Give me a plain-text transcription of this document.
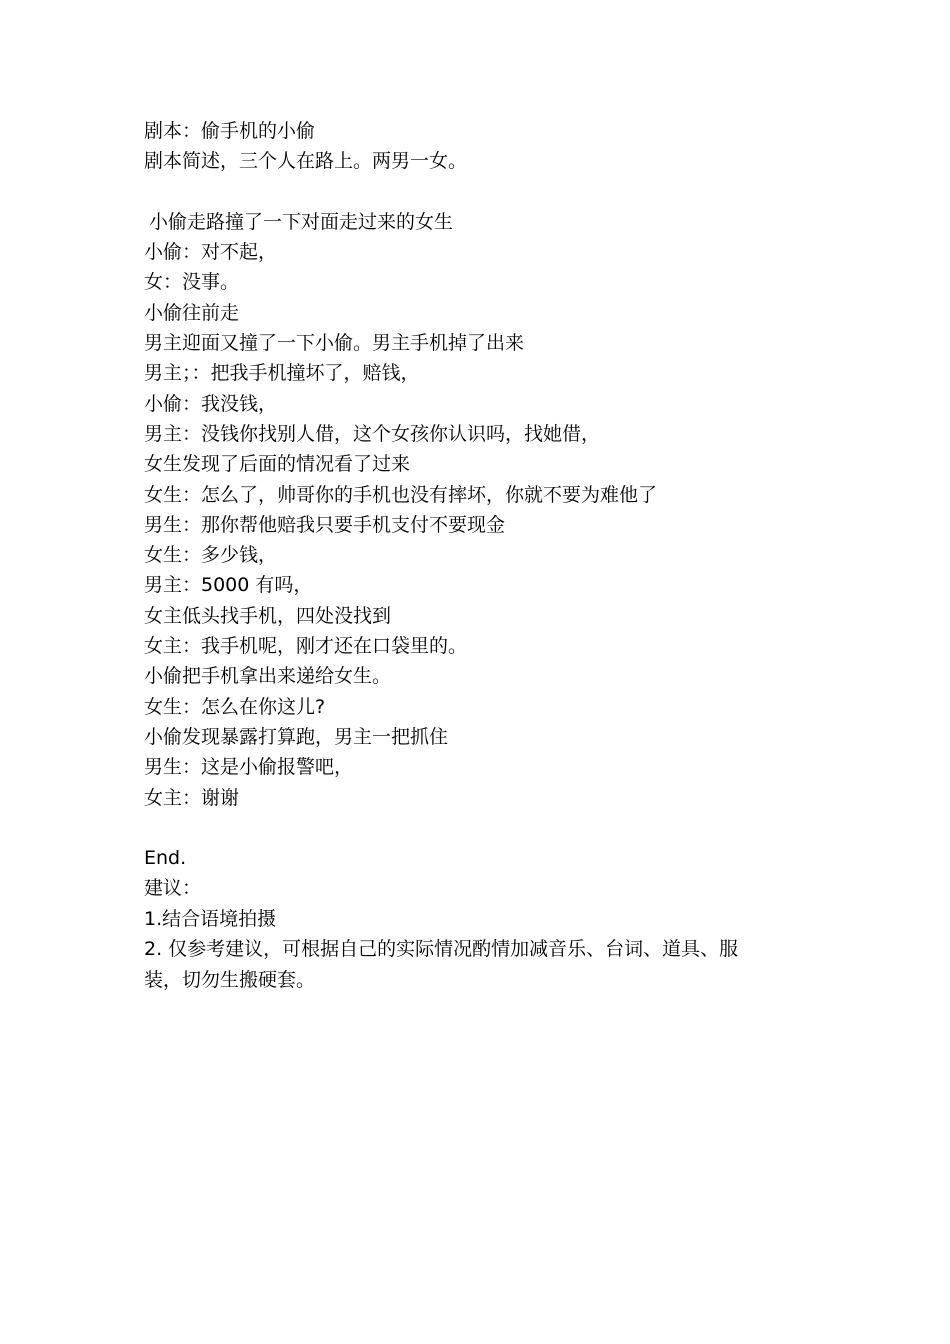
剧本：偷手机的小偷
剧本简述，三个人在路上。两男一女。
小偷走路撞了一下对面走过来的女生
小偷：对不起，
女：没事。
小偷往前走
男主迎面又撞了一下小偷。男主手机掉了出来
男主；：把我手机撞坏了，赔钱，
小偷：我没钱，
男主：没钱你找别人借，这个女孩你认识吗，找她借，
女生发现了后面的情况看了过来
女生：怎么了，帅哥你的手机也没有摔坏，你就不要为难他了
男生：那你帮他赔我只要手机支付不要现金
女生：多少钱，
男主：5000 有吗，
女主低头找手机，四处没找到
女主：我手机呢，刚才还在口袋里的。
小偷把手机拿出来递给女生。
女生：怎么在你这儿?
小偷发现暴露打算跑，男主一把抓住
男生：这是小偷报警吧，
女主：谢谢
End.
建议：
1.结合语境拍摄
2. 仅参考建议，可根据自己的实际情况酌情加减音乐、台词、道具、服装，切勿生搬硬套。
